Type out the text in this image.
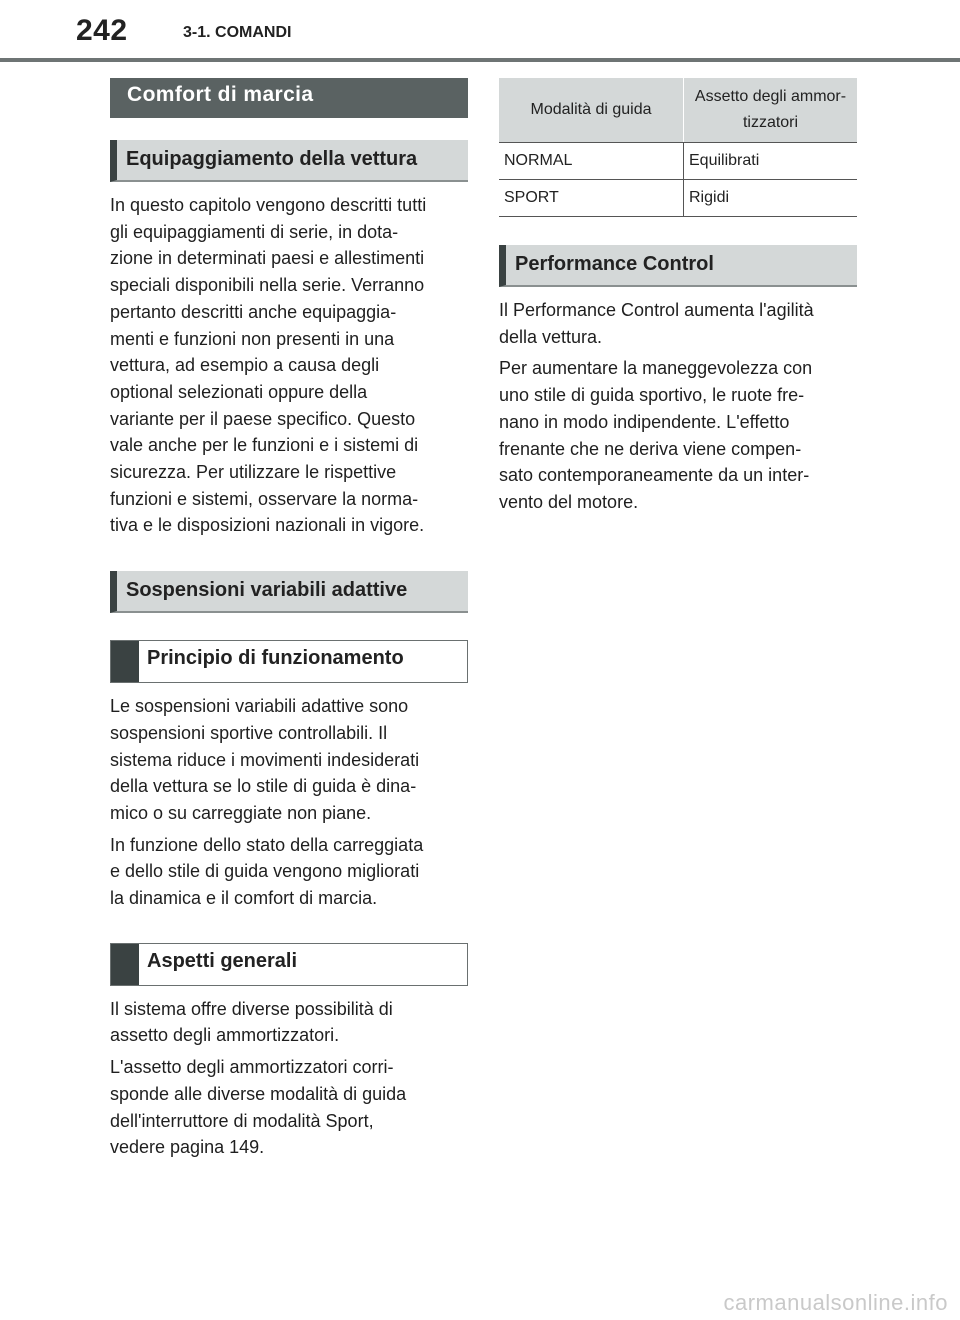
242	3-1. COMANDI
Comfort di marcia
Equipaggiamento della vettura

In questo capitolo vengono descritti tutti
gli equipaggiamenti di serie, in dota-
zione in determinati paesi e allestimenti
speciali disponibili nella serie. Verranno
pertanto descritti anche equipaggia-
menti e funzioni non presenti in una
vettura, ad esempio a causa degli
optional selezionati oppure della
variante per il paese specifico. Questo
vale anche per le funzioni e i sistemi di
sicurezza. Per utilizzare le rispettive
funzioni e sistemi, osservare la norma-
tiva e le disposizioni nazionali in vigore.

Sospensioni variabili adattive
Principio di funzionamento

Le sospensioni variabili adattive sono
sospensioni sportive controllabili. Il
sistema riduce i movimenti indesiderati
della vettura se lo stile di guida è dina-
mico o su carreggiate non piane.

In funzione dello stato della carreggiata
e dello stile di guida vengono migliorati
la dinamica e il comfort di marcia.

Aspetti generali

Il sistema offre diverse possibilità di
assetto degli ammortizzatori.

L'assetto degli ammortizzatori corri-
sponde alle diverse modalità di guida
dell'interruttore di modalità Sport,
vedere pagina 149.

Modalità di guida	Assetto degli ammor-
tizzatori
NORMAL	Equilibrati
SPORT	Rigidi
Performance Control

Il Performance Control aumenta l'agilità
della vettura.

Per aumentare la maneggevolezza con
uno stile di guida sportivo, le ruote fre-
nano in modo indipendente. L'effetto
frenante che ne deriva viene compen-
sato contemporaneamente da un inter-
vento del motore.

carmanualsonline.info
